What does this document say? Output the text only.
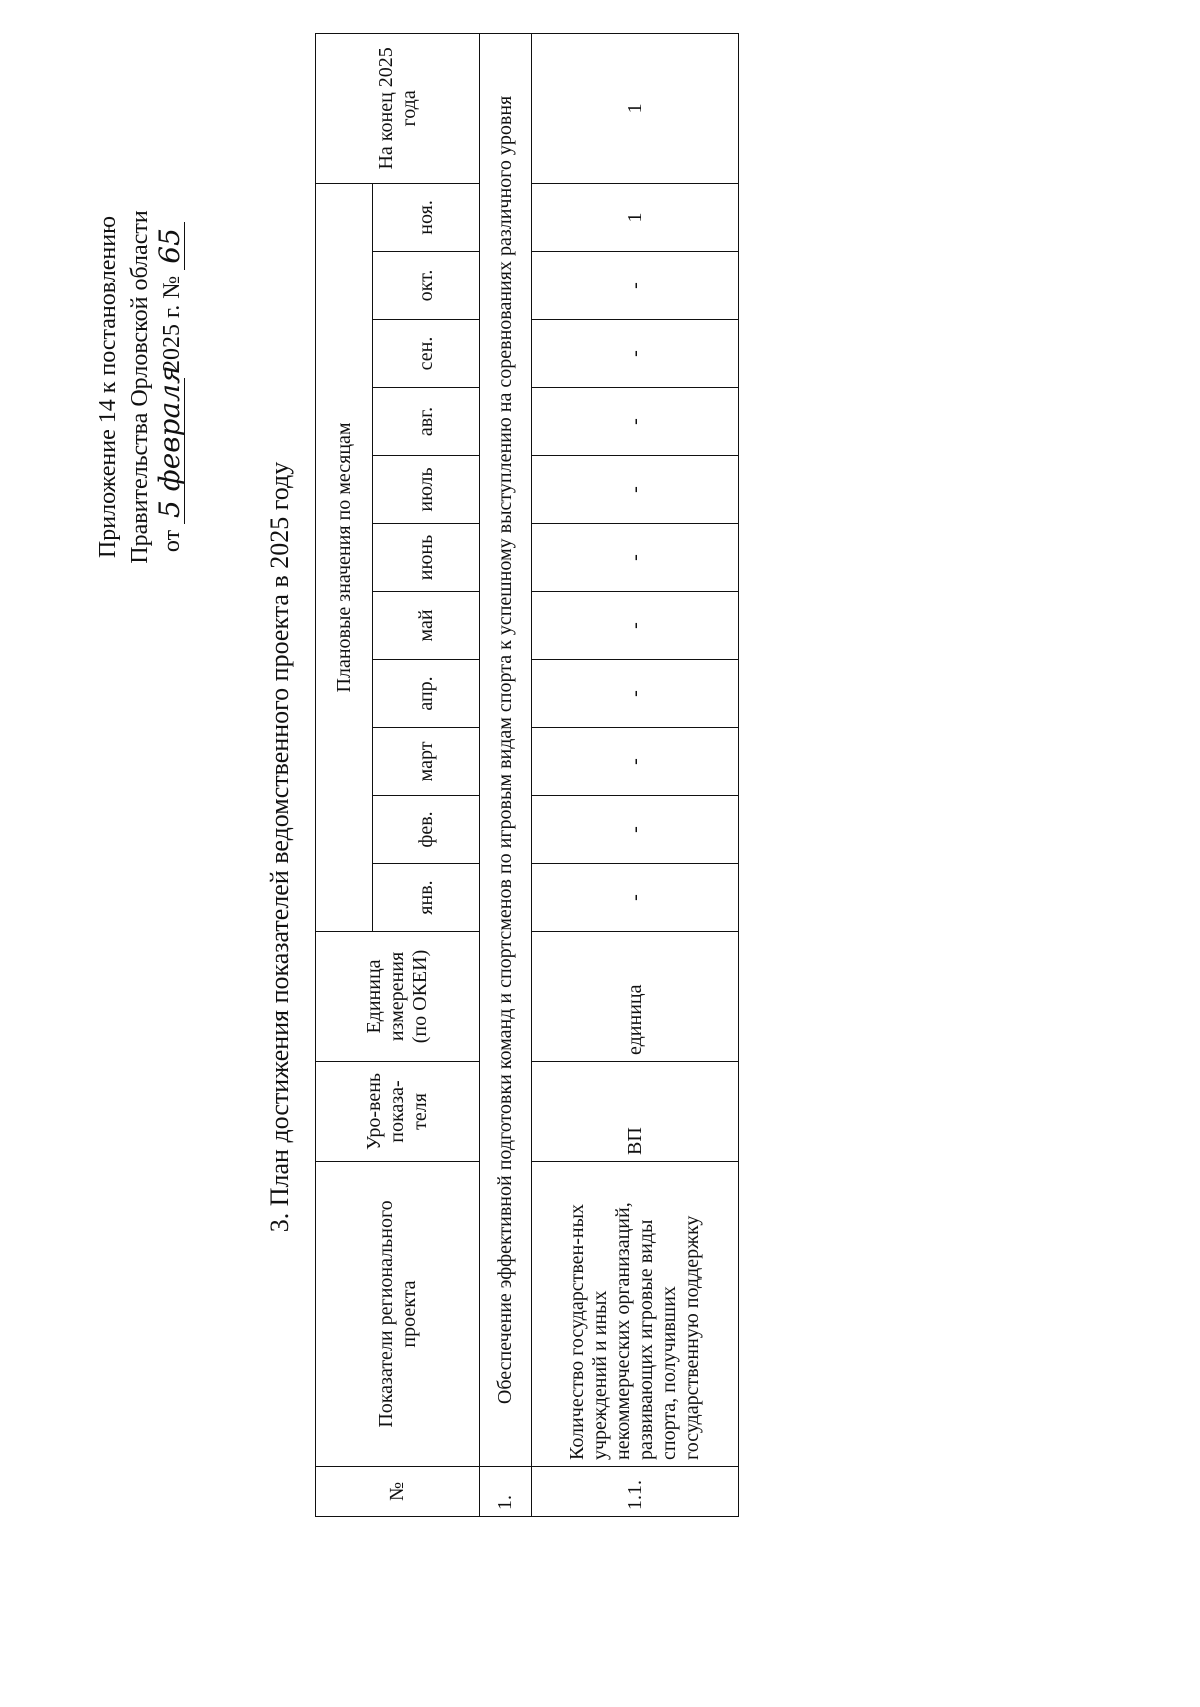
Приложение 14 к постановлению Правительства Орловской области от 5 февраля 2025 г. № 65
3. План достижения показателей ведомственного проекта в 2025 году
№	Показатели регионального проекта	Уро-вень показа-теля	Единица измерения (по ОКЕИ)	Плановые значения по месяцам											На конец 2025 года
				янв.	фев.	март	апр.	май	июнь	июль	авг.	сен.	окт.	ноя.	
1.	Обеспечение эффективной подготовки команд и спортсменов по игровым видам спорта к успешному выступлению на соревнованиях различного уровня														
1.1.	Количество государствен-ных учреждений и иных некоммерческих организаций, развивающих игровые виды спорта, получивших государственную поддержку	ВП	единица	-	-	-	-	-	-	-	-	-	-	1	1
